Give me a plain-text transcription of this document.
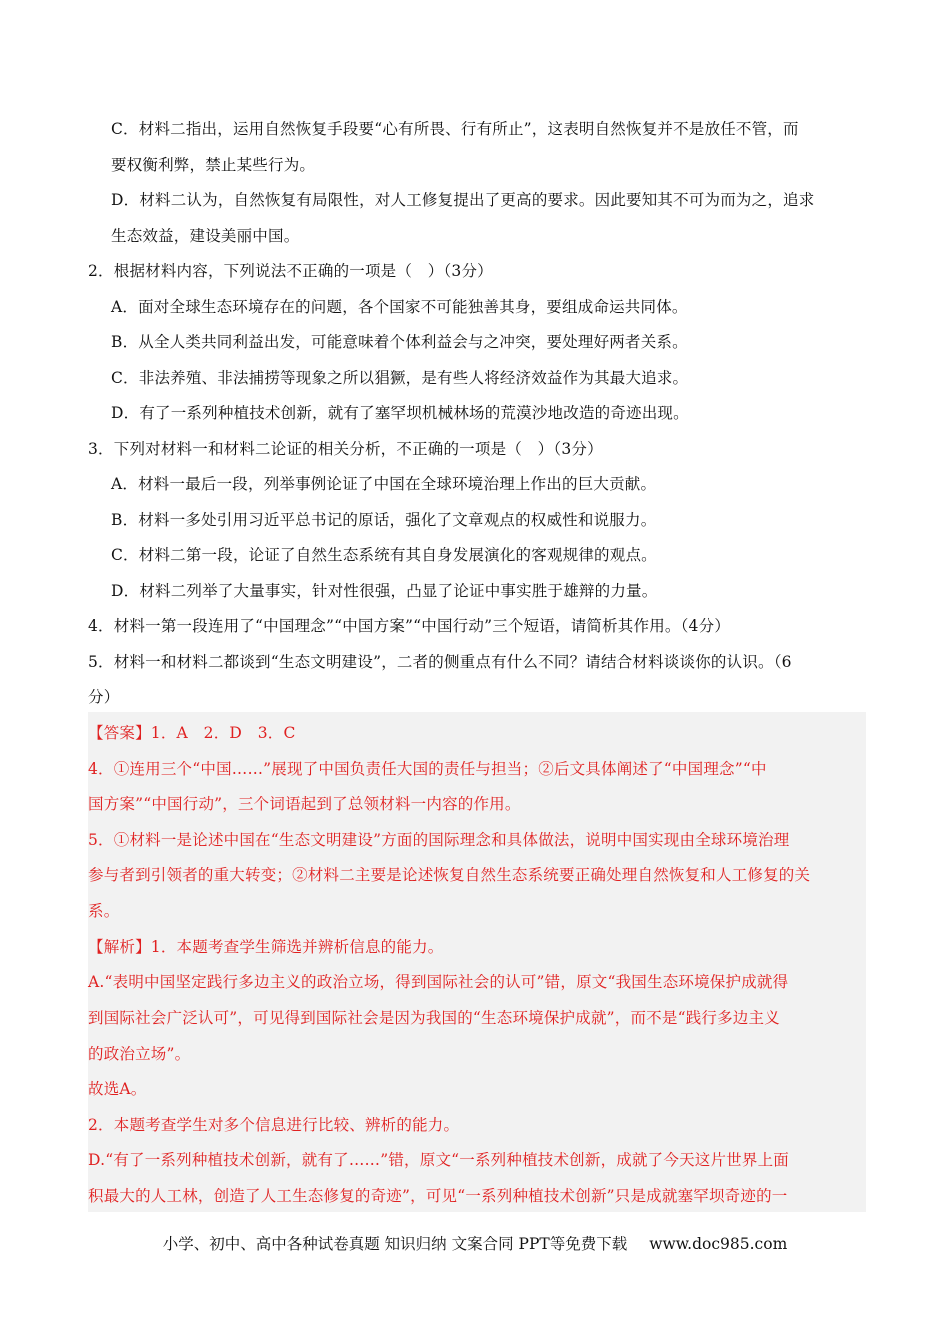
C．材料二指出，运用自然恢复手段要“心有所畏、行有所止”，这表明自然恢复并不是放任不管，而
要权衡利弊，禁止某些行为。
D．材料二认为，自然恢复有局限性，对人工修复提出了更高的要求。因此要知其不可为而为之，追求
生态效益，建设美丽中国。
2．根据材料内容，下列说法不正确的一项是（　）（3分）
A．面对全球生态环境存在的问题，各个国家不可能独善其身，要组成命运共同体。
B．从全人类共同利益出发，可能意味着个体利益会与之冲突，要处理好两者关系。
C．非法养殖、非法捕捞等现象之所以猖獗，是有些人将经济效益作为其最大追求。
D．有了一系列种植技术创新，就有了塞罕坝机械林场的荒漠沙地改造的奇迹出现。
3．下列对材料一和材料二论证的相关分析，不正确的一项是（　）（3分）
A．材料一最后一段，列举事例论证了中国在全球环境治理上作出的巨大贡献。
B．材料一多处引用习近平总书记的原话，强化了文章观点的权威性和说服力。
C．材料二第一段，论证了自然生态系统有其自身发展演化的客观规律的观点。
D．材料二列举了大量事实，针对性很强，凸显了论证中事实胜于雄辩的力量。
4．材料一第一段连用了“中国理念”“中国方案”“中国行动”三个短语，请简析其作用。（4分）
5．材料一和材料二都谈到“生态文明建设”，二者的侧重点有什么不同？请结合材料谈谈你的认识。（6
分）
【答案】1．A　2．D　3．C
4．①连用三个“中国……”展现了中国负责任大国的责任与担当；②后文具体阐述了“中国理念”“中
国方案”“中国行动”，三个词语起到了总领材料一内容的作用。
5．①材料一是论述中国在“生态文明建设”方面的国际理念和具体做法，说明中国实现由全球环境治理
参与者到引领者的重大转变；②材料二主要是论述恢复自然生态系统要正确处理自然恢复和人工修复的关
系。
【解析】1．本题考查学生筛选并辨析信息的能力。
A.“表明中国坚定践行多边主义的政治立场，得到国际社会的认可”错，原文“我国生态环境保护成就得
到国际社会广泛认可”，可见得到国际社会是因为我国的“生态环境保护成就”，而不是“践行多边主义
的政治立场”。
故选A。
2．本题考查学生对多个信息进行比较、辨析的能力。
D.“有了一系列种植技术创新，就有了……”错，原文“一系列种植技术创新，成就了今天这片世界上面
积最大的人工林，创造了人工生态修复的奇迹”，可见“一系列种植技术创新”只是成就塞罕坝奇迹的一
小学、初中、高中各种试卷真题 知识归纳 文案合同 PPT等免费下载 www.doc985.com
